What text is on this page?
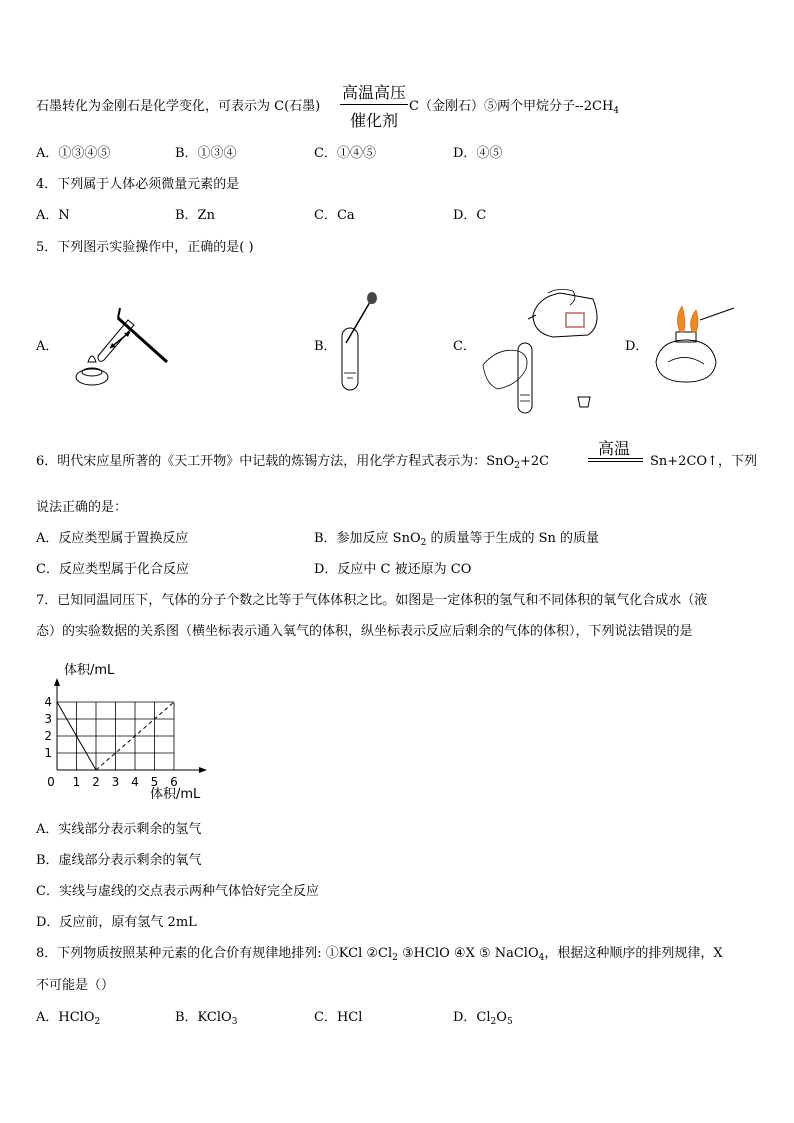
石墨转化为金刚石是化学变化，可表示为 C(石墨)
高温高压
催化剂
C（金刚石）⑤两个甲烷分子$--2CH_4$
A．①③④⑤	B．①③④	C．①④⑤	D．④⑤
4．下列属于人体必须微量元素的是
A．N	B．Zn	C．Ca	D．C
5．下列图示实验操作中，正确的是( )
A．	B．	C．	D．
6．明代宋应星所著的《天工开物》中记载的炼锡方法，用化学方程式表示为：SnO$_2$+2C
高温
Sn+2CO↑，下列
说法正确的是：
A．反应类型属于置换反应	B．参加反应 SnO$_2$ 的质量等于生成的 Sn 的质量
C．反应类型属于化合反应	D．反应中 C 被还原为 CO
7．已知同温同压下，气体的分子个数之比等于气体体积之比。如图是一定体积的氢气和不同体积的氧气化合成水（液
态）的实验数据的关系图（横坐标表示通入氧气的体积，纵坐标表示反应后剩余的气体的体积），下列说法错误的是
体积/mL
体积/mL
0 1 2 3 4 5 6
1
2
3
4
A．实线部分表示剩余的氢气
B．虚线部分表示剩余的氧气
C．实线与虚线的交点表示两种气体恰好完全反应
D．反应前，原有氢气 2mL
8．下列物质按照某种元素的化合价有规律地排列: ①KCl $②Cl_2$ ③HClO ④X ⑤ NaClO$_4$，根据这种顺序的排列规律，X
不可能是（）
A．HClO$_2$	B．KClO$_3$	C．HCl	D．$Cl_2O_5$
